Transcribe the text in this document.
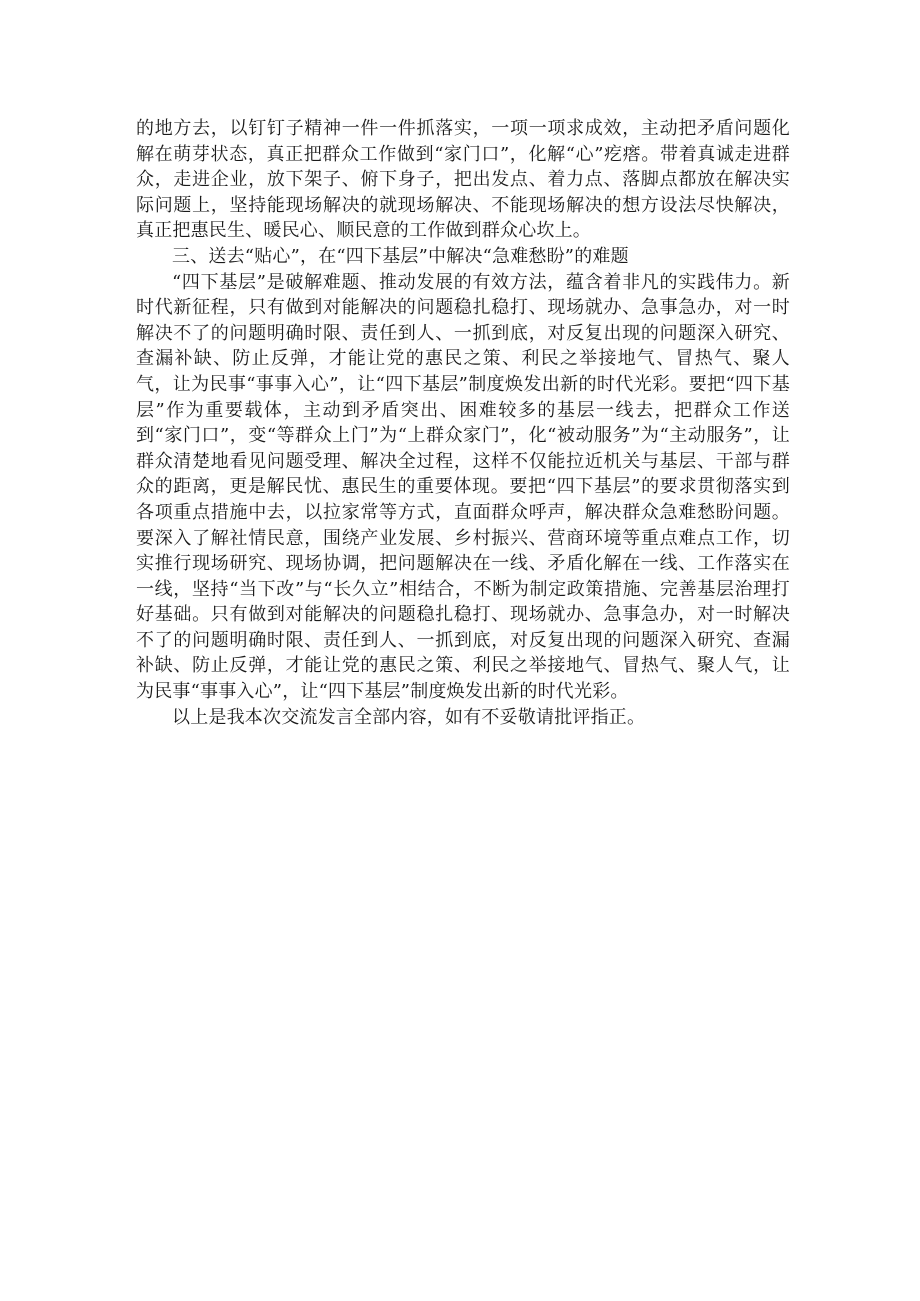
的地方去，以钉钉子精神一件一件抓落实，一项一项求成效，主动把矛盾问题化解在萌芽状态，真正把群众工作做到“家门口”，化解“心”疙瘩。带着真诚走进群众，走进企业，放下架子、俯下身子，把出发点、着力点、落脚点都放在解决实际问题上，坚持能现场解决的就现场解决、不能现场解决的想方设法尽快解决，真正把惠民生、暖民心、顺民意的工作做到群众心坎上。

三、送去“贴心”，在“四下基层”中解决“急难愁盼”的难题

“四下基层”是破解难题、推动发展的有效方法，蕴含着非凡的实践伟力。新时代新征程，只有做到对能解决的问题稳扎稳打、现场就办、急事急办，对一时解决不了的问题明确时限、责任到人、一抓到底，对反复出现的问题深入研究、查漏补缺、防止反弹，才能让党的惠民之策、利民之举接地气、冒热气、聚人气，让为民事“事事入心”，让“四下基层”制度焕发出新的时代光彩。要把“四下基层”作为重要载体，主动到矛盾突出、困难较多的基层一线去，把群众工作送到“家门口”，变“等群众上门”为“上群众家门”，化“被动服务”为“主动服务”，让群众清楚地看见问题受理、解决全过程，这样不仅能拉近机关与基层、干部与群众的距离，更是解民忧、惠民生的重要体现。要把“四下基层”的要求贯彻落实到各项重点措施中去，以拉家常等方式，直面群众呼声，解决群众急难愁盼问题。要深入了解社情民意，围绕产业发展、乡村振兴、营商环境等重点难点工作，切实推行现场研究、现场协调，把问题解决在一线、矛盾化解在一线、工作落实在一线，坚持“当下改”与“长久立”相结合，不断为制定政策措施、完善基层治理打好基础。只有做到对能解决的问题稳扎稳打、现场就办、急事急办，对一时解决不了的问题明确时限、责任到人、一抓到底，对反复出现的问题深入研究、查漏补缺、防止反弹，才能让党的惠民之策、利民之举接地气、冒热气、聚人气，让为民事“事事入心”，让“四下基层”制度焕发出新的时代光彩。

以上是我本次交流发言全部内容，如有不妥敬请批评指正。
